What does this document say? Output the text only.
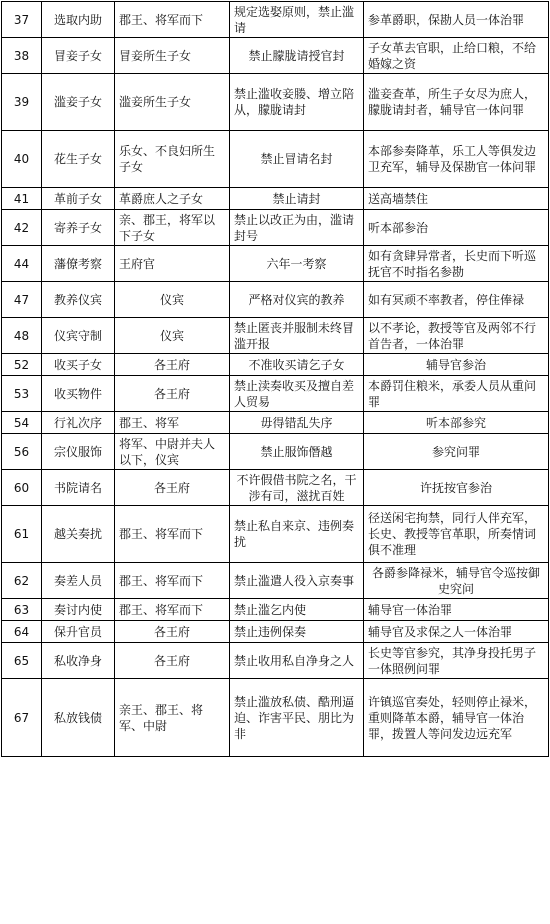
37	选取内助	郡王、将军而下	规定选娶原则，禁止滥请	参革爵职，保勘人员一体治罪
38	冒妾子女	冒妾所生子女	禁止朦胧请授官封	子女革去官职，止给口粮，不给婚嫁之资
39	滥妾子女	滥妾所生子女	禁止滥收妾媵、增立陪从，朦胧请封	滥妾查革，所生子女尽为庶人，朦胧请封者，辅导官一体问罪
40	花生子女	乐女、不良妇所生子女	禁止冒请名封	本部参奏降革，乐工人等俱发边卫充军，辅导及保勘官一体问罪
41	革前子女	革爵庶人之子女	禁止请封	送高墙禁住
42	寄养子女	亲、郡王，将军以下子女	禁止以改正为由，滥请封号	听本部参治
44	藩僚考察	王府官	六年一考察	如有贪肆异常者，长史而下听巡抚官不时指名参勘
47	教养仪宾	仪宾	严格对仪宾的教养	如有冥顽不率教者，停住俸禄
48	仪宾守制	仪宾	禁止匿丧并服制未终冒滥开报	以不孝论，教授等官及两邻不行首告者，一体治罪
52	收买子女	各王府	不准收买请乞子女	辅导官参治
53	收买物件	各王府	禁止渎奏收买及擅自差人贸易	本爵罚住粮米，承委人员从重问罪
54	行礼次序	郡王、将军	毋得错乱失序	听本部参究
56	宗仪服饰	将军、中尉并夫人以下，仪宾	禁止服饰僭越	参究问罪
60	书院请名	各王府	不许假借书院之名，干涉有司，滋扰百姓	许抚按官参治
61	越关奏扰	郡王、将军而下	禁止私自来京、违例奏扰	径送闲宅拘禁，同行人伴充军，长史、教授等官革职，所奏情词俱不准理
62	奏差人员	郡王、将军而下	禁止滥遣人役入京奏事	各爵参降禄米，辅导官令巡按御史究问
63	奏讨内使	郡王、将军而下	禁止滥乞内使	辅导官一体治罪
64	保升官员	各王府	禁止违例保奏	辅导官及求保之人一体治罪
65	私收净身	各王府	禁止收用私自净身之人	长史等官参究，其净身投托男子一体照例问罪
67	私放钱债	亲王、郡王、将军、中尉	禁止滥放私债、酷刑逼迫、诈害平民、朋比为非	许镇巡官奏处，轻则停止禄米，重则降革本爵，辅导官一体治罪，拨置人等问发边远充军
